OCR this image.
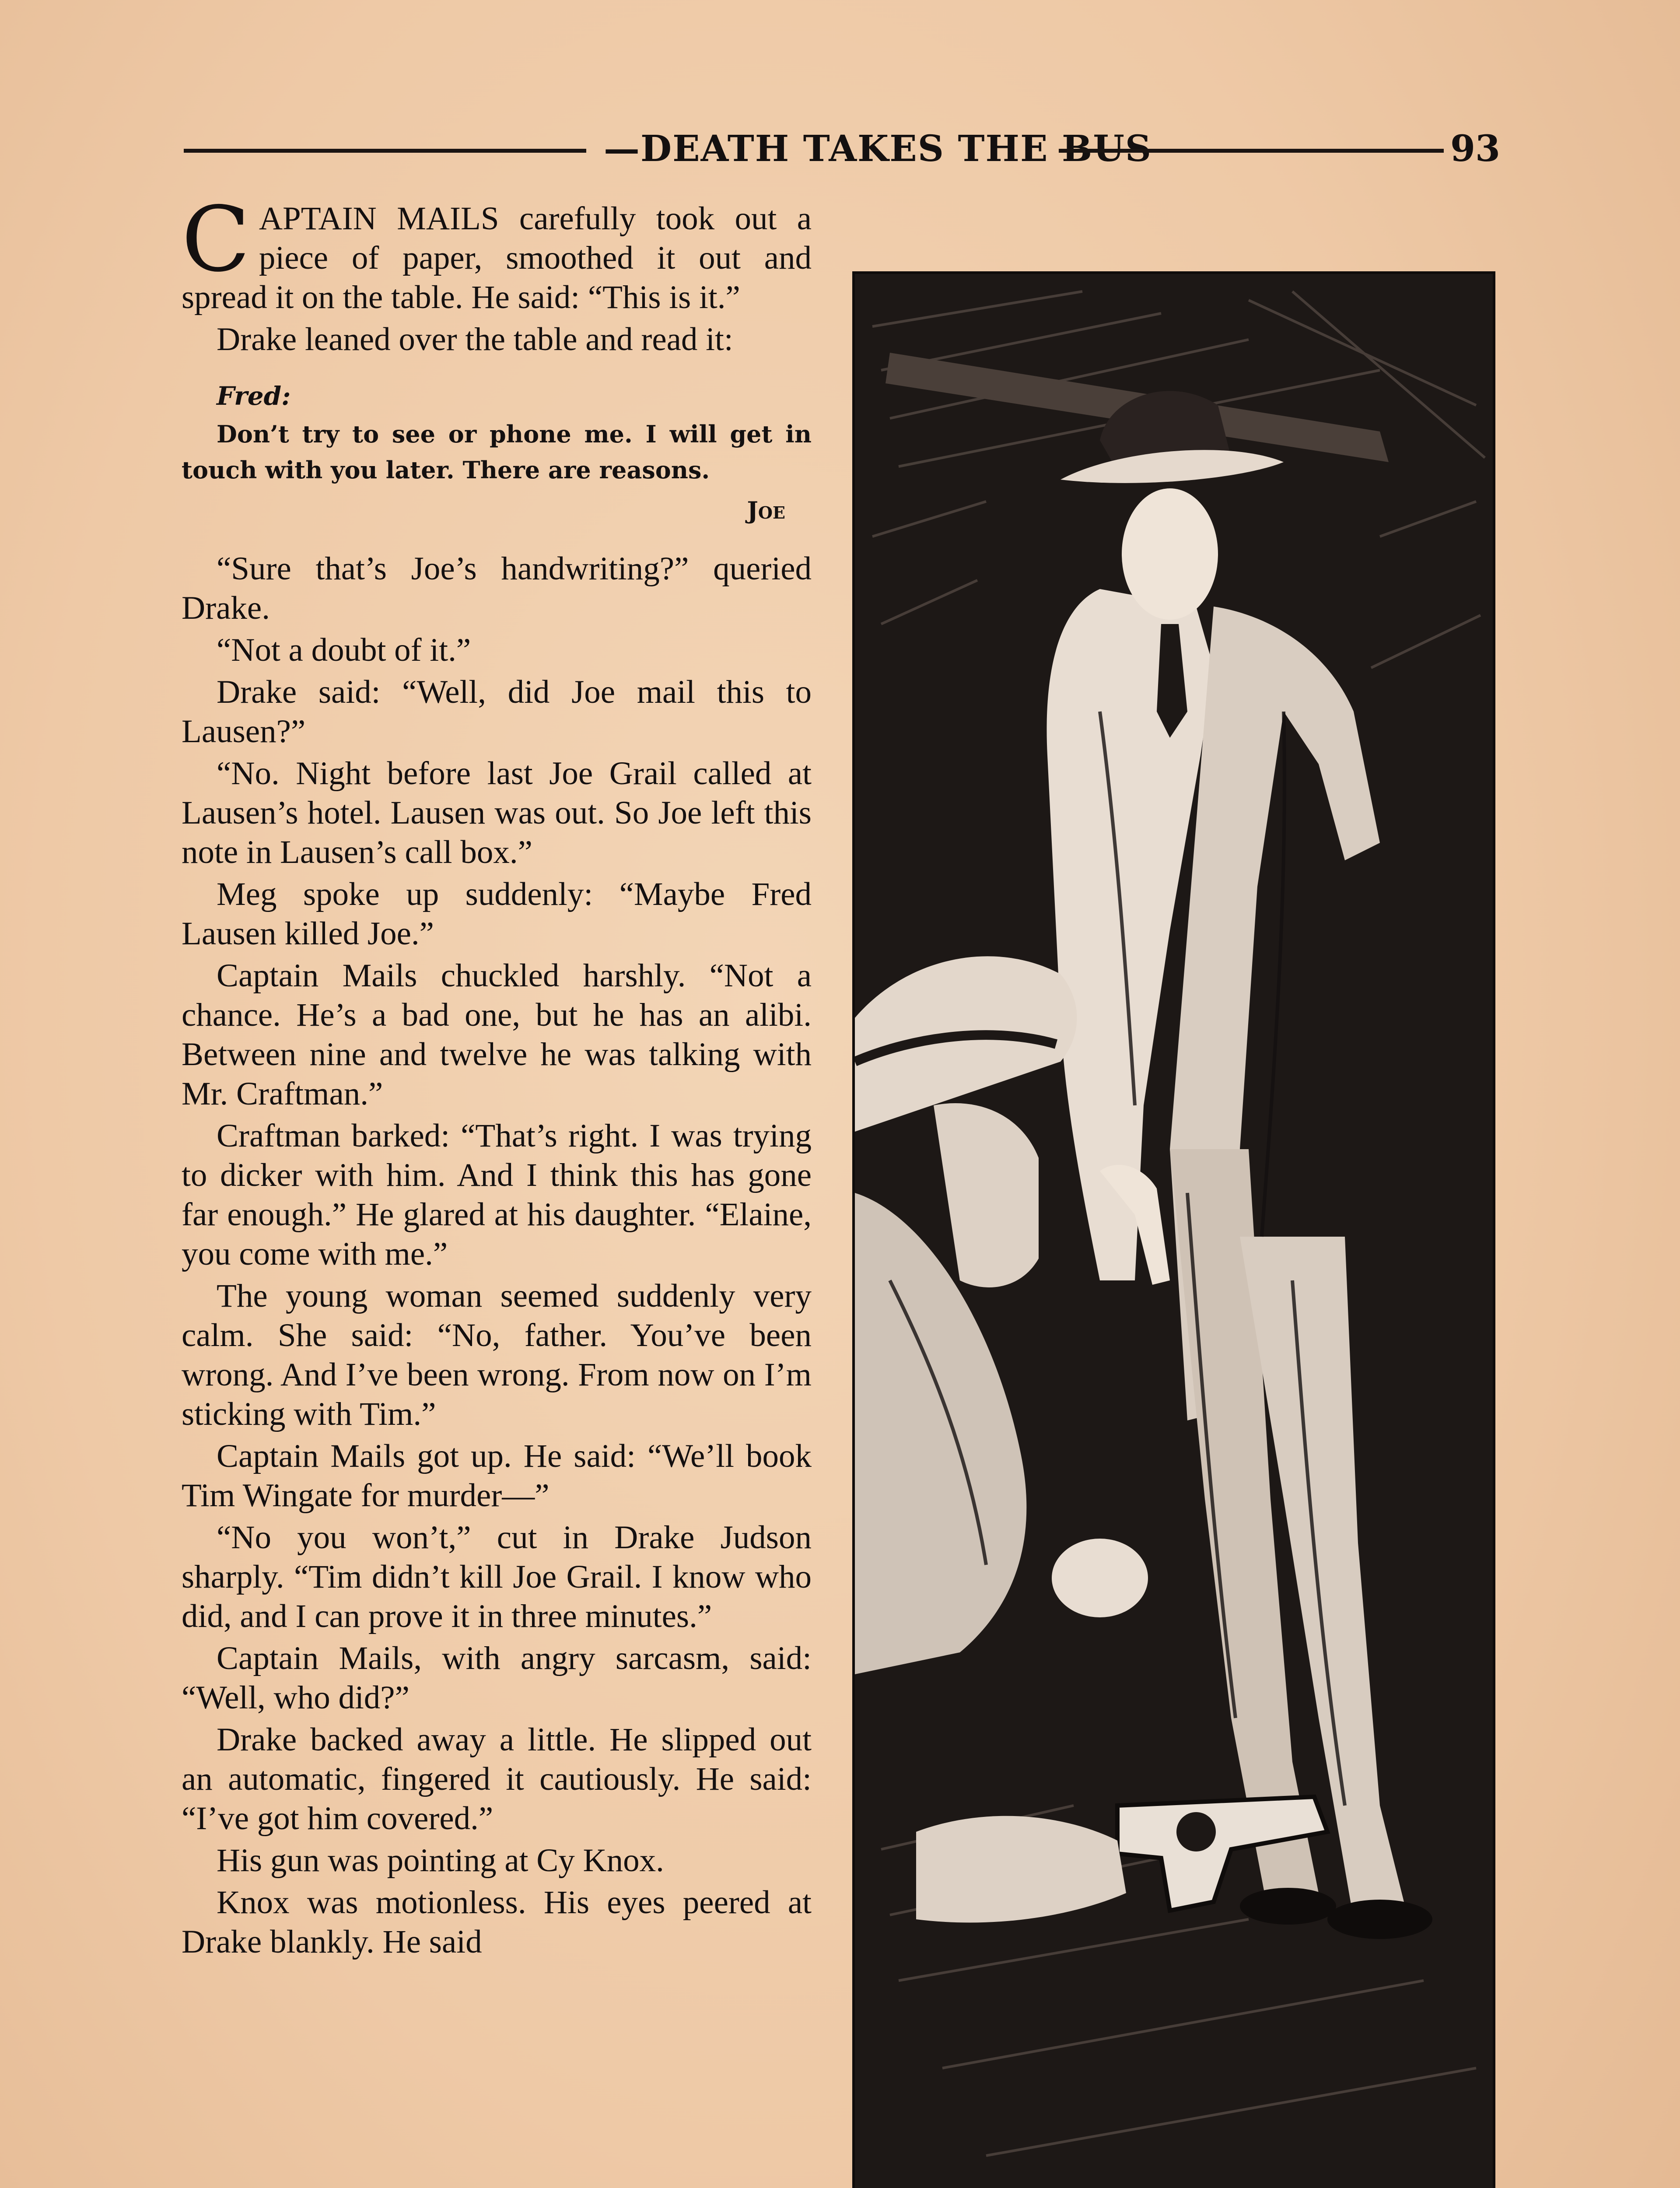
—DEATH TAKES THE BUS	93

CAPTAIN MAILS carefully took out a piece of paper, smoothed it out and spread it on the table. He said: “This is it.”

Drake leaned over the table and read it:

Fred:

Don’t try to see or phone me. I will get in touch with you later. There are reasons.

Joe

“Sure that’s Joe’s handwriting?” queried Drake.

“Not a doubt of it.”

Drake said: “Well, did Joe mail this to Lausen?”

“No. Night before last Joe Grail called at Lausen’s hotel. Lausen was out. So Joe left this note in Lausen’s call box.”

Meg spoke up suddenly: “Maybe Fred Lausen killed Joe.”

Captain Mails chuckled harshly. “Not a chance. He’s a bad one, but he has an alibi. Between nine and twelve he was talking with Mr. Craftman.”

Craftman barked: “That’s right. I was trying to dicker with him. And I think this has gone far enough.” He glared at his daughter. “Elaine, you come with me.”

The young woman seemed suddenly very calm. She said: “No, father. You’ve been wrong. And I’ve been wrong. From now on I’m sticking with Tim.”

Captain Mails got up. He said: “We’ll book Tim Wingate for murder—”

“No you won’t,” cut in Drake Judson sharply. “Tim didn’t kill Joe Grail. I know who did, and I can prove it in three minutes.”

Captain Mails, with angry sarcasm, said: “Well, who did?”

Drake backed away a little. He slipped out an automatic, fingered it cautiously. He said: “I’ve got him covered.”

His gun was pointing at Cy Knox.

Knox was motionless. His eyes peered at Drake blankly. He said
